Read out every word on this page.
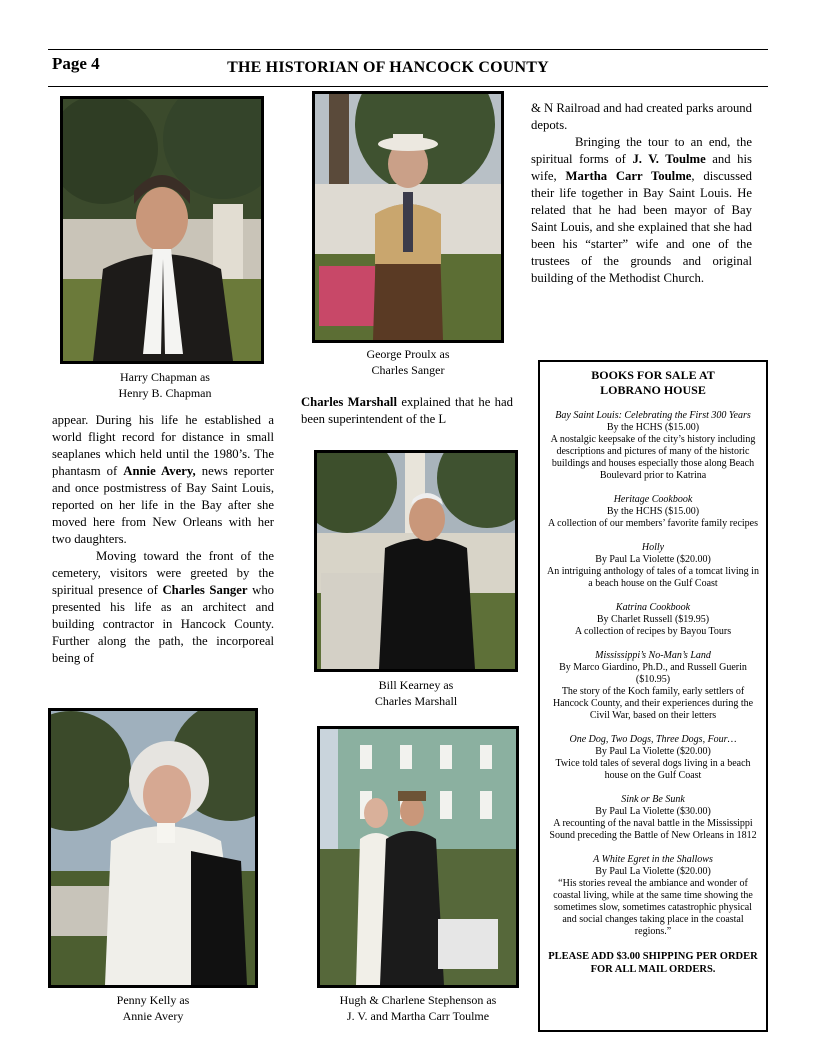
Page 4	THE HISTORIAN OF HANCOCK COUNTY
Harry Chapman as
Henry B. Chapman
George Proulx as
Charles Sanger
Bill Kearney as
Charles Marshall
Penny Kelly as
Annie Avery
Hugh & Charlene Stephenson as
J. V. and Martha Carr Toulme

appear. During his life he established a world flight record for distance in small seaplanes which held until the 1980’s. The phantasm of Annie Avery, news reporter and once postmistress of Bay Saint Louis, reported on her life in the Bay after she moved here from New Orleans with her two daughters.

Moving toward the front of the cemetery, visitors were greeted by the spiritual presence of Charles Sanger who presented his life as an architect and building contractor in Hancock County. Further along the path, the incorporeal being of

Charles Marshall explained that he had been superintendent of the L

& N Railroad and had created parks around depots.

Bringing the tour to an end, the spiritual forms of J. V. Toulme and his wife, Martha Carr Toulme, discussed their life together in Bay Saint Louis. He related that he had been mayor of Bay Saint Louis, and she explained that she had been his “starter” wife and one of the trustees of the grounds and original building of the Methodist Church.

BOOKS FOR SALE AT
LOBRANO HOUSE
Bay Saint Louis: Celebrating the First 300 Years
By the HCHS ($15.00)
A nostalgic keepsake of the city’s history including descriptions and pictures of many of the historic buildings and houses especially those along Beach Boulevard prior to Katrina
Heritage Cookbook
By the HCHS ($15.00)
A collection of our members’ favorite family recipes
Holly
By Paul La Violette ($20.00)
An intriguing anthology of tales of a tomcat living in a beach house on the Gulf Coast
Katrina Cookbook
By Charlet Russell ($19.95)
A collection of recipes by Bayou Tours
Mississippi’s No-Man’s Land
By Marco Giardino, Ph.D., and Russell Guerin ($10.95)
The story of the Koch family, early settlers of Hancock County, and their experiences during the Civil War, based on their letters
One Dog, Two Dogs, Three Dogs, Four…
By Paul La Violette ($20.00)
Twice told tales of several dogs living in a beach house on the Gulf Coast
Sink or Be Sunk
By Paul La Violette ($30.00)
A recounting of the naval battle in the Mississippi Sound preceding the Battle of New Orleans in 1812
A White Egret in the Shallows
By Paul La Violette ($20.00)
“His stories reveal the ambiance and wonder of coastal living, while at the same time showing the sometimes slow, sometimes catastrophic physical and social changes taking place in the coastal regions.”
PLEASE ADD $3.00 SHIPPING PER ORDER
FOR ALL MAIL ORDERS.
